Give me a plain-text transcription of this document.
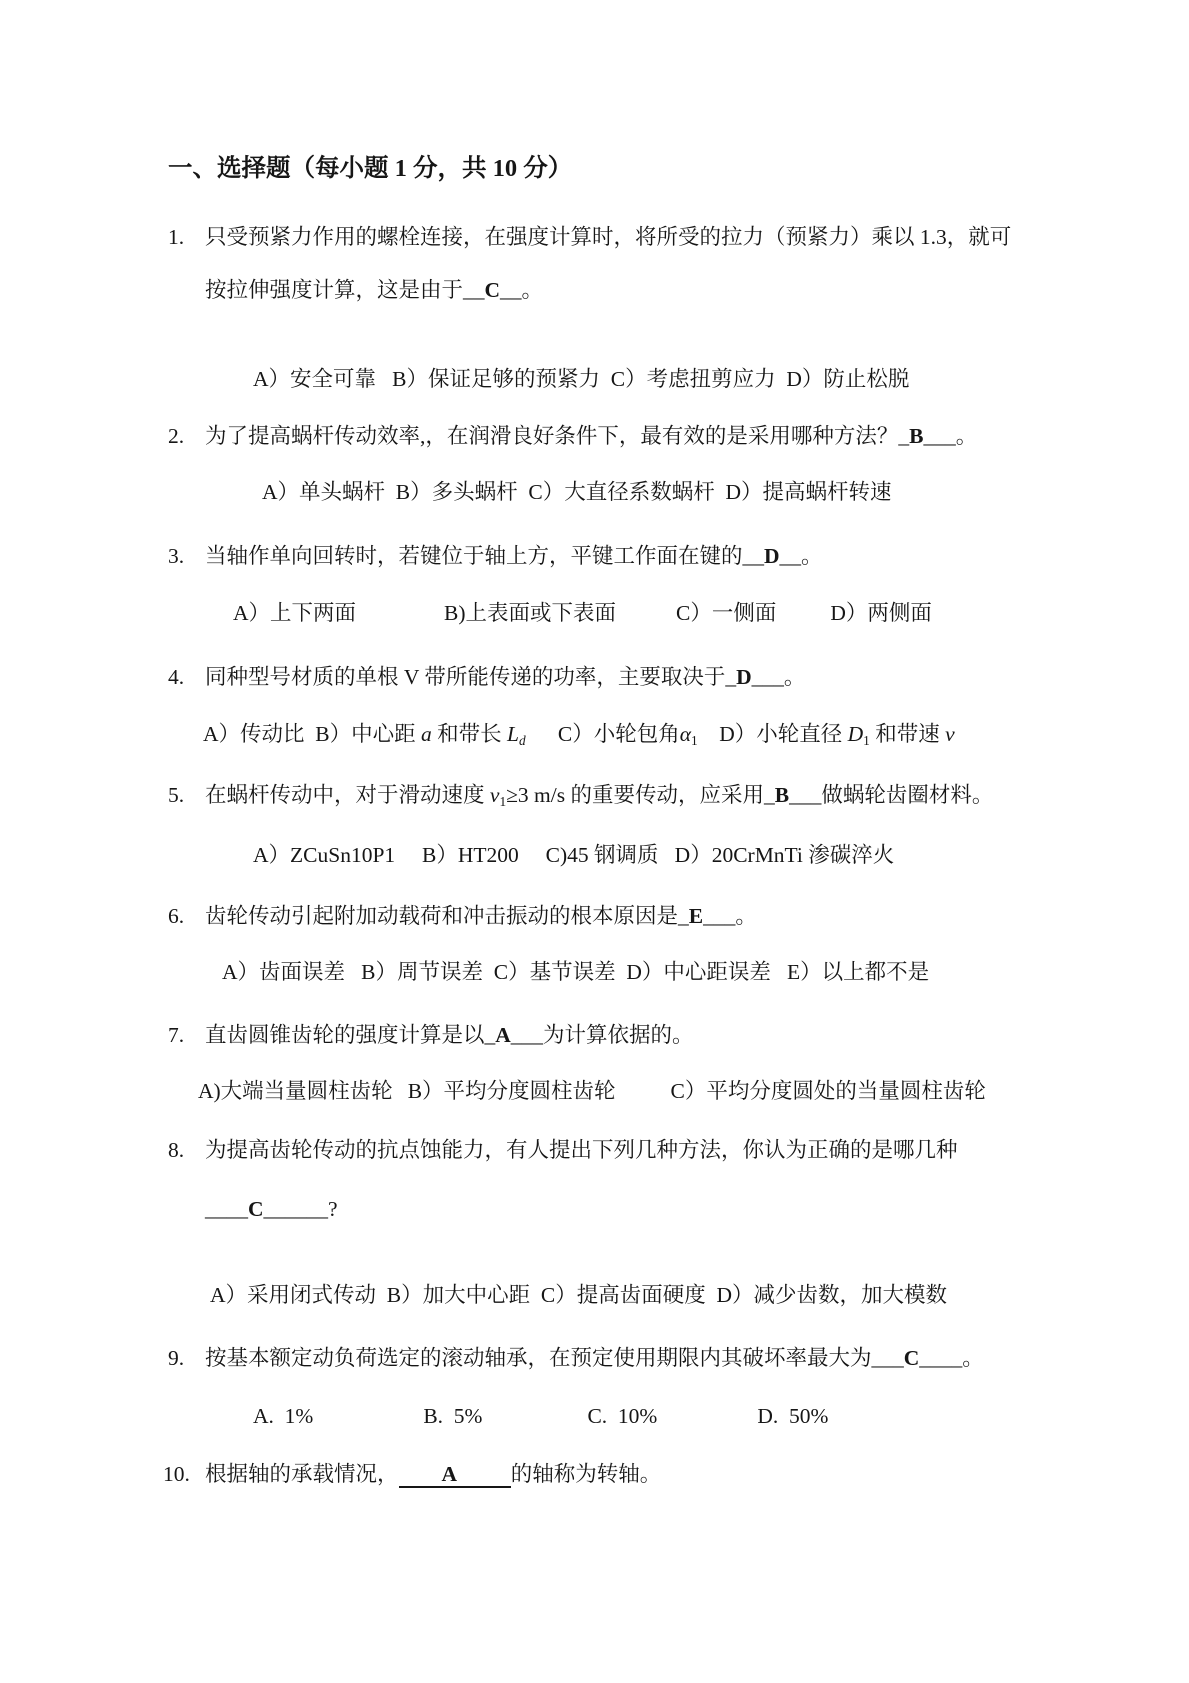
一、选择题（每小题 1 分，共 10 分）
1. 只受预紧力作用的螺栓连接，在强度计算时，将所受的拉力（预紧力）乘以 1.3，就可
按拉伸强度计算，这是由于__C__。
A）安全可靠   B）保证足够的预紧力  C）考虑扭剪应力  D）防止松脱
2. 为了提高蜗杆传动效率,，在润滑良好条件下，最有效的是采用哪种方法？_B___。
A）单头蜗杆  B）多头蜗杆  C）大直径系数蜗杆  D）提高蜗杆转速
3. 当轴作单向回转时，若键位于轴上方，平键工作面在键的__D__。
A）上下两面	B)上表面或下表面	C）一侧面	D）两侧面
4. 同种型号材质的单根 V 带所能传递的功率，主要取决于_D___。
A）传动比  B）中心距 a 和带长 $L_d$      C）小轮包角$\alpha_1$    D）小轮直径 $D_1$ 和带速 v
5. 在蜗杆传动中，对于滑动速度 $v_1\ge 3$ m/s 的重要传动，应采用_B___做蜗轮齿圈材料。
A）ZCuSn10P1     B）HT200     C)45 钢调质   D）20CrMnTi 渗碳淬火
6. 齿轮传动引起附加动载荷和冲击振动的根本原因是_E___。
A）齿面误差   B）周节误差  C）基节误差  D）中心距误差   E）以上都不是
7. 直齿圆锥齿轮的强度计算是以_A___为计算依据的。
A)大端当量圆柱齿轮 B）平均分度圆柱齿轮	C）平均分度圆处的当量圆柱齿轮
8. 为提高齿轮传动的抗点蚀能力，有人提出下列几种方法，你认为正确的是哪几种
____C______?
A）采用闭式传动  B）加大中心距  C）提高齿面硬度  D）减少齿数，加大模数
9. 按基本额定动负荷选定的滚动轴承，在预定使用期限内其破坏率最大为___C____。
A.  1%	B.  5%	C.  10%	D.  50%
10. 根据轴的承载情况， A	的轴称为转轴。
